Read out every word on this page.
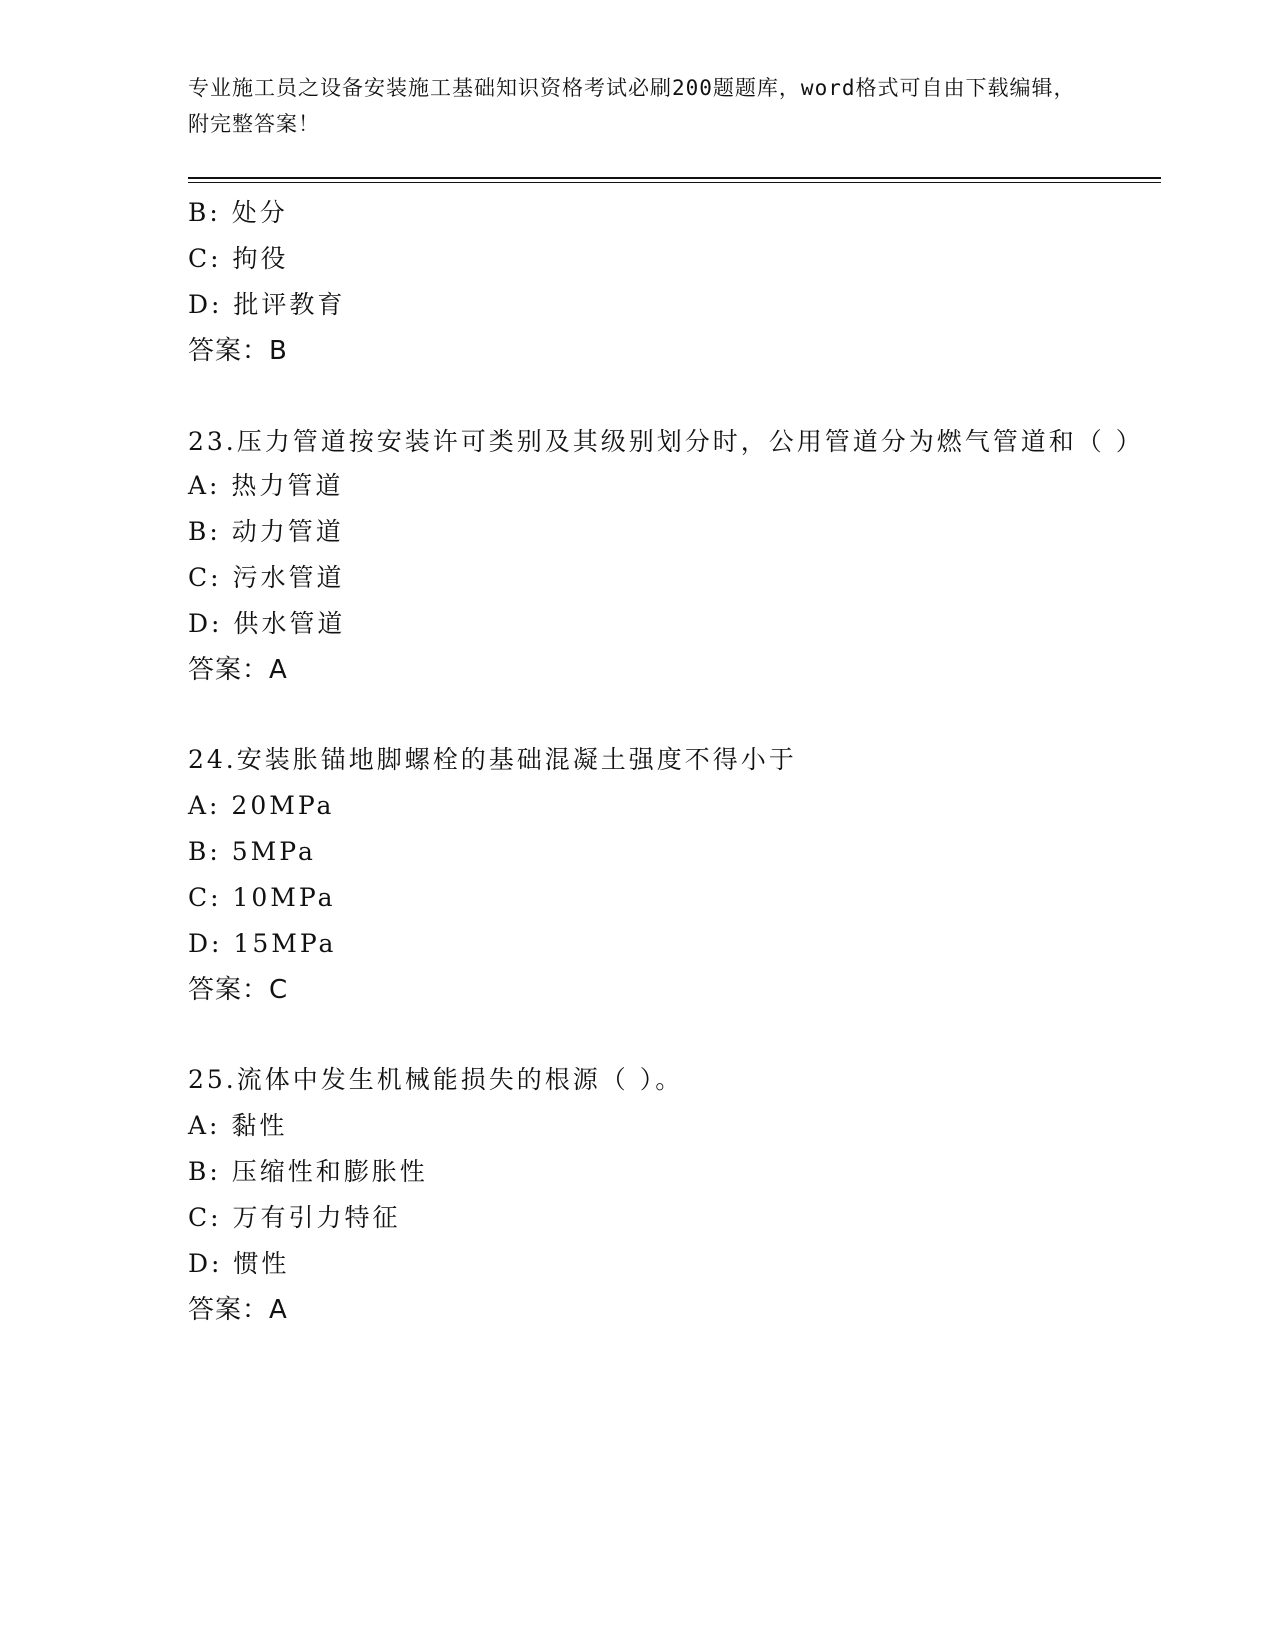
专业施工员之设备安装施工基础知识资格考试必刷200题题库，word格式可自由下载编辑，附完整答案！
B: 处分
C: 拘役
D: 批评教育
答案：B
23.压力管道按安装许可类别及其级别划分时，公用管道分为燃气管道和（ ）
A: 热力管道
B: 动力管道
C: 污水管道
D: 供水管道
答案：A
24.安装胀锚地脚螺栓的基础混凝土强度不得小于
A: 20MPa
B: 5MPa
C: 10MPa
D: 15MPa
答案：C
25.流体中发生机械能损失的根源（ ）。
A: 黏性
B: 压缩性和膨胀性
C: 万有引力特征
D: 惯性
答案：A
